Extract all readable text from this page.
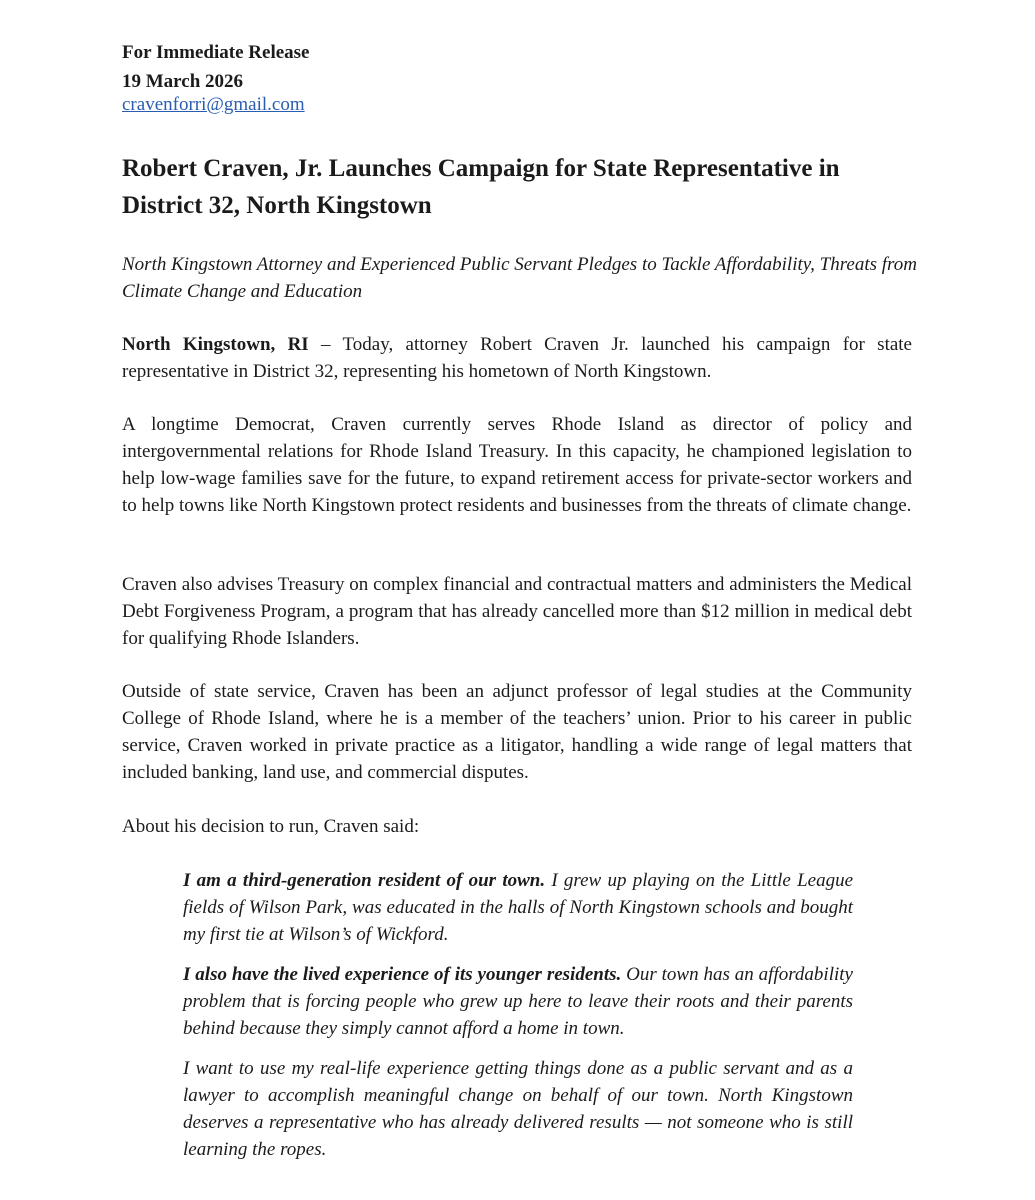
For Immediate Release

19 March 2026

cravenforri@gmail.com
Robert Craven, Jr. Launches Campaign for State Representative in District 32, North Kingstown

North Kingstown Attorney and Experienced Public Servant Pledges to Tackle Affordability, Threats from Climate Change and Education

North Kingstown, RI – Today, attorney Robert Craven Jr. launched his campaign for state representative in District 32, representing his hometown of North Kingstown.

A longtime Democrat, Craven currently serves Rhode Island as director of policy and intergovernmental relations for Rhode Island Treasury. In this capacity, he championed legislation to help low-wage families save for the future, to expand retirement access for private-sector workers and to help towns like North Kingstown protect residents and businesses from the threats of climate change.

Craven also advises Treasury on complex financial and contractual matters and administers the Medical Debt Forgiveness Program, a program that has already cancelled more than $12 million in medical debt for qualifying Rhode Islanders.

Outside of state service, Craven has been an adjunct professor of legal studies at the Community College of Rhode Island, where he is a member of the teachers’ union. Prior to his career in public service, Craven worked in private practice as a litigator, handling a wide range of legal matters that included banking, land use, and commercial disputes.

About his decision to run, Craven said:

I am a third-generation resident of our town. I grew up playing on the Little League fields of Wilson Park, was educated in the halls of North Kingstown schools and bought my first tie at Wilson’s of Wickford.

I also have the lived experience of its younger residents. Our town has an affordability problem that is forcing people who grew up here to leave their roots and their parents behind because they simply cannot afford a home in town.

I want to use my real-life experience getting things done as a public servant and as a lawyer to accomplish meaningful change on behalf of our town. North Kingstown deserves a representative who has already delivered results — not someone who is still learning the ropes.
